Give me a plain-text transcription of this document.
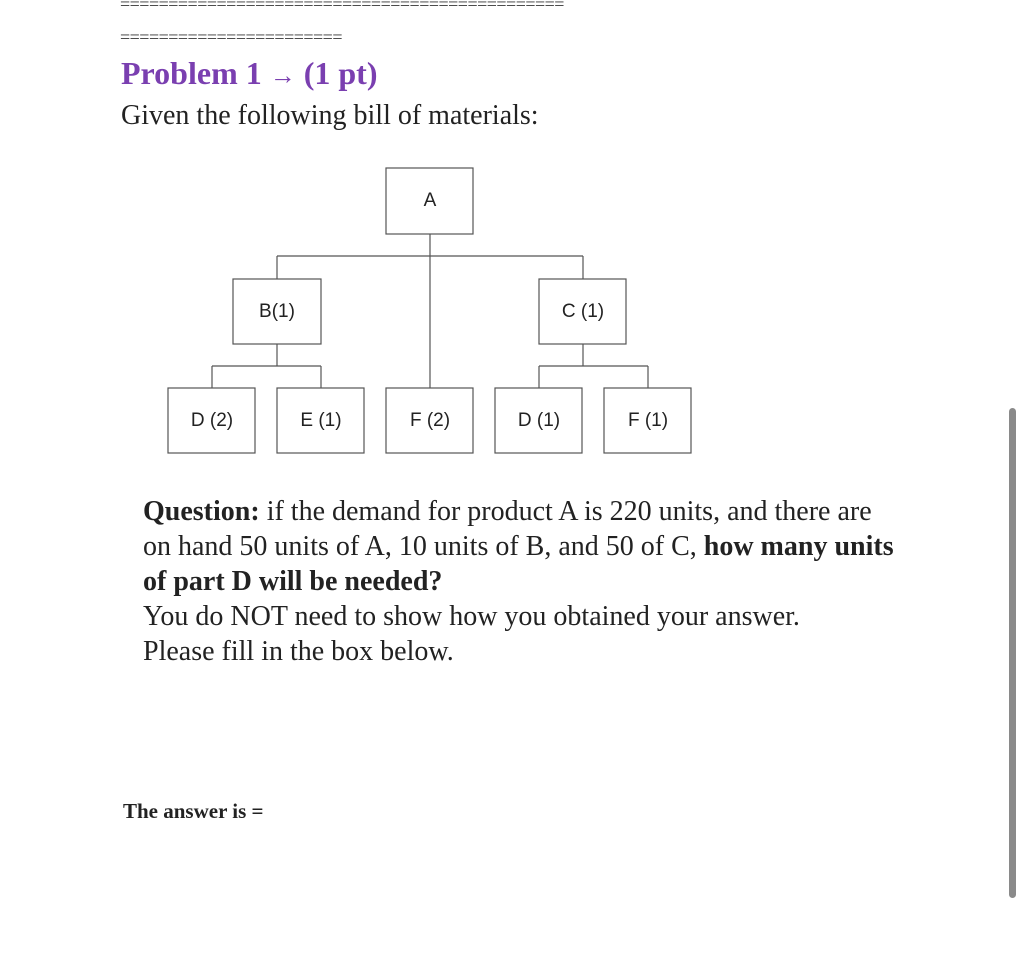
==============================================

=======================

Problem 1 → (1 pt)
Given the following bill of materials:
A
B(1)	C (1)
D (2)	E (1)	F (2)	D (1)	F (1)

Question: if the demand for product A is 220 units, and there are on hand 50 units of A, 10 units of B, and 50 of C, how many units of part D will be needed?

You do NOT need to show how you obtained your answer.

Please fill in the box below.

The answer is =
